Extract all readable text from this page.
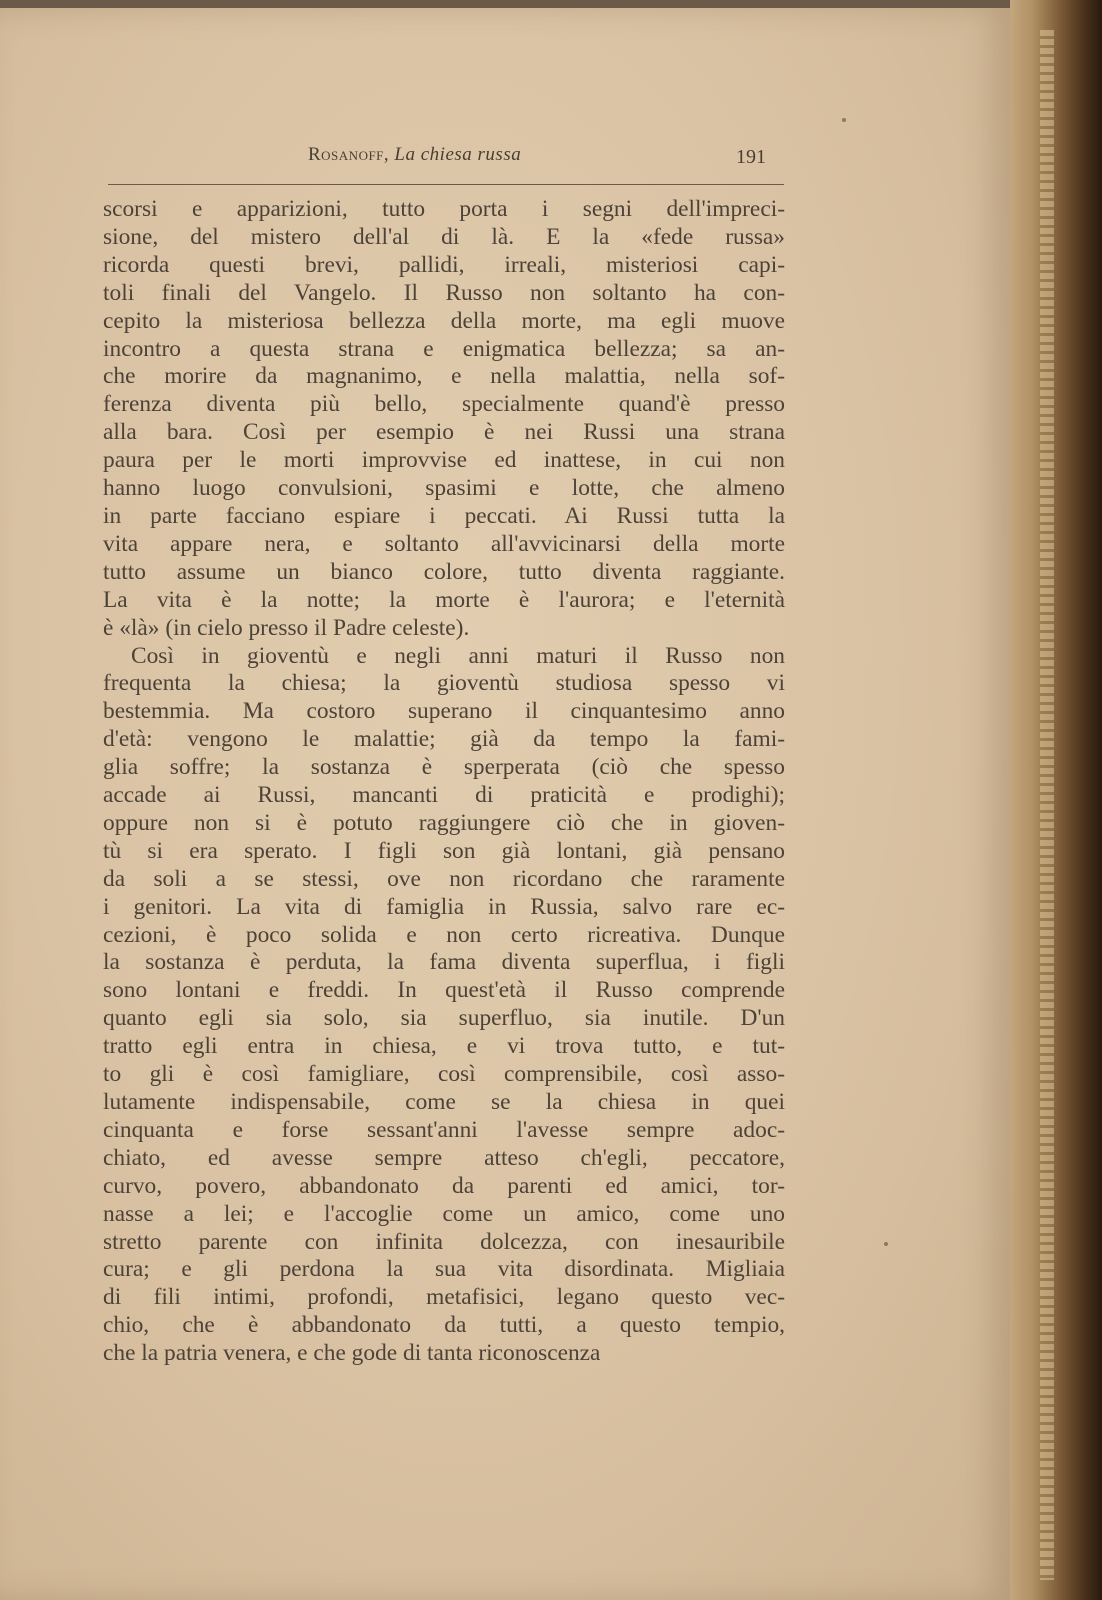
Rosanoff, La chiesa russa	191
scorsi e apparizioni, tutto porta i segni dell'impreci-
sione, del mistero dell'al di là. E la «fede russa»
ricorda questi brevi, pallidi, irreali, misteriosi capi-
toli finali del Vangelo. Il Russo non soltanto ha con-
cepito la misteriosa bellezza della morte, ma egli muove
incontro a questa strana e enigmatica bellezza; sa an-
che morire da magnanimo, e nella malattia, nella sof-
ferenza diventa più bello, specialmente quand'è presso
alla bara. Così per esempio è nei Russi una strana
paura per le morti improvvise ed inattese, in cui non
hanno luogo convulsioni, spasimi e lotte, che almeno
in parte facciano espiare i peccati. Ai Russi tutta la
vita appare nera, e soltanto all'avvicinarsi della morte
tutto assume un bianco colore, tutto diventa raggiante.
La vita è la notte; la morte è l'aurora; e l'eternità
è «là» (in cielo presso il Padre celeste).
Così in gioventù e negli anni maturi il Russo non
frequenta la chiesa; la gioventù studiosa spesso vi
bestemmia. Ma costoro superano il cinquantesimo anno
d'età: vengono le malattie; già da tempo la fami-
glia soffre; la sostanza è sperperata (ciò che spesso
accade ai Russi, mancanti di praticità e prodighi);
oppure non si è potuto raggiungere ciò che in gioven-
tù si era sperato. I figli son già lontani, già pensano
da soli a se stessi, ove non ricordano che raramente
i genitori. La vita di famiglia in Russia, salvo rare ec-
cezioni, è poco solida e non certo ricreativa. Dunque
la sostanza è perduta, la fama diventa superflua, i figli
sono lontani e freddi. In quest'età il Russo comprende
quanto egli sia solo, sia superfluo, sia inutile. D'un
tratto egli entra in chiesa, e vi trova tutto, e tut-
to gli è così famigliare, così comprensibile, così asso-
lutamente indispensabile, come se la chiesa in quei
cinquanta e forse sessant'anni l'avesse sempre adoc-
chiato, ed avesse sempre atteso ch'egli, peccatore,
curvo, povero, abbandonato da parenti ed amici, tor-
nasse a lei; e l'accoglie come un amico, come uno
stretto parente con infinita dolcezza, con inesauribile
cura; e gli perdona la sua vita disordinata. Migliaia
di fili intimi, profondi, metafisici, legano questo vec-
chio, che è abbandonato da tutti, a questo tempio,
che la patria venera, e che gode di tanta riconoscenza
